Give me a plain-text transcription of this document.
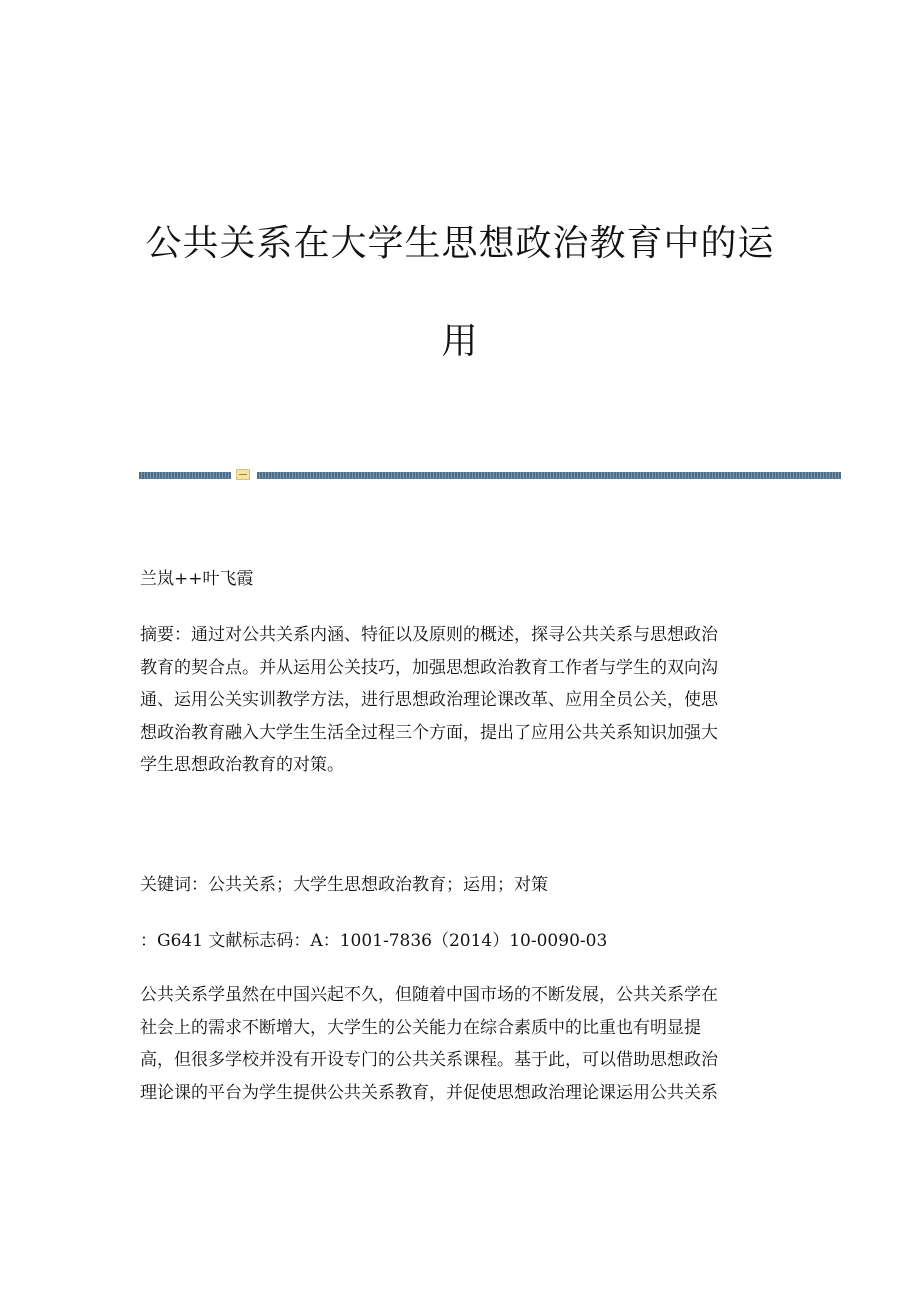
公共关系在大学生思想政治教育中的运
用

兰岚++叶飞霞

摘要：通过对公共关系内涵、特征以及原则的概述，探寻公共关系与思想政治
教育的契合点。并从运用公关技巧，加强思想政治教育工作者与学生的双向沟
通、运用公关实训教学方法，进行思想政治理论课改革、应用全员公关，使思
想政治教育融入大学生生活全过程三个方面，提出了应用公共关系知识加强大
学生思想政治教育的对策。

关键词：公共关系；大学生思想政治教育；运用；对策

：G641 文献标志码：A：1001-7836（2014）10-0090-03

公共关系学虽然在中国兴起不久，但随着中国市场的不断发展，公共关系学在
社会上的需求不断增大，大学生的公关能力在综合素质中的比重也有明显提
高，但很多学校并没有开设专门的公共关系课程。基于此，可以借助思想政治
理论课的平台为学生提供公共关系教育，并促使思想政治理论课运用公共关系
